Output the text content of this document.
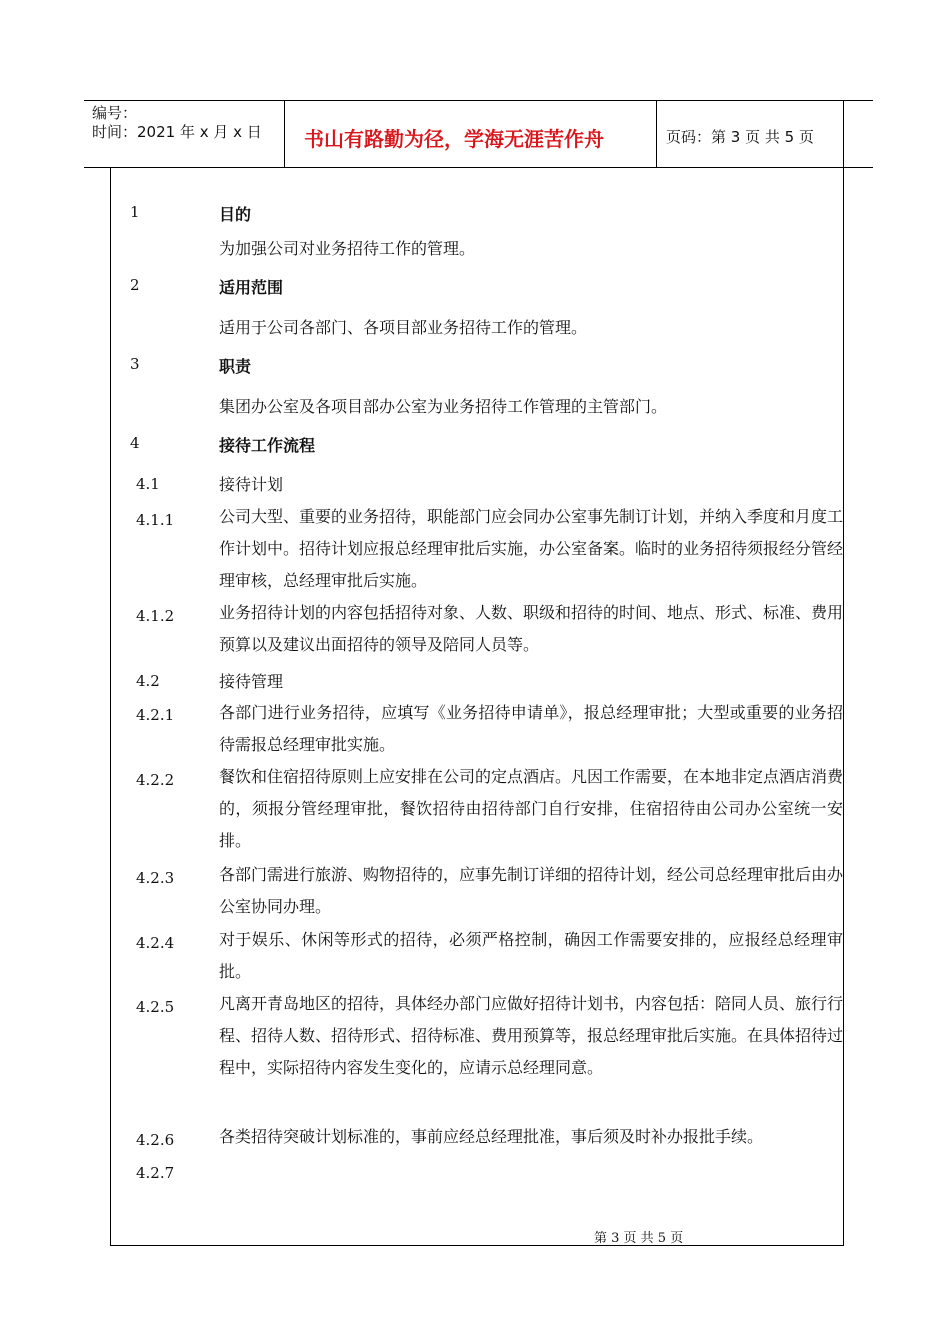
编号：
时间：2021 年 x 月 x 日 书山有路勤为径，学海无涯苦作舟	页码：第 3 页 共 5 页
1	目的
为加强公司对业务招待工作的管理。
2	适用范围
适用于公司各部门、各项目部业务招待工作的管理。
3	职责
集团办公室及各项目部办公室为业务招待工作管理的主管部门。
4	接待工作流程
4.1	接待计划
4.1.1	公司大型、重要的业务招待，职能部门应会同办公室事先制订计划，并纳入季度和月度工作计划中。招待计划应报总经理审批后实施，办公室备案。临时的业务招待须报经分管经理审核，总经理审批后实施。
4.1.2	业务招待计划的内容包括招待对象、人数、职级和招待的时间、地点、形式、标准、费用预算以及建议出面招待的领导及陪同人员等。
4.2	接待管理
4.2.1	各部门进行业务招待，应填写《业务招待申请单》，报总经理审批；大型或重要的业务招待需报总经理审批实施。
4.2.2	餐饮和住宿招待原则上应安排在公司的定点酒店。凡因工作需要，在本地非定点酒店消费的，须报分管经理审批，餐饮招待由招待部门自行安排，住宿招待由公司办公室统一安排。
4.2.3	各部门需进行旅游、购物招待的，应事先制订详细的招待计划，经公司总经理审批后由办公室协同办理。
4.2.4	对于娱乐、休闲等形式的招待，必须严格控制，确因工作需要安排的，应报经总经理审批。
4.2.5	凡离开青岛地区的招待，具体经办部门应做好招待计划书，内容包括：陪同人员、旅行行程、招待人数、招待形式、招待标准、费用预算等，报总经理审批后实施。在具体招待过程中，实际招待内容发生变化的，应请示总经理同意。
4.2.6	各类招待突破计划标准的，事前应经总经理批准，事后须及时补办报批手续。
4.2.7
第 3 页 共 5 页
